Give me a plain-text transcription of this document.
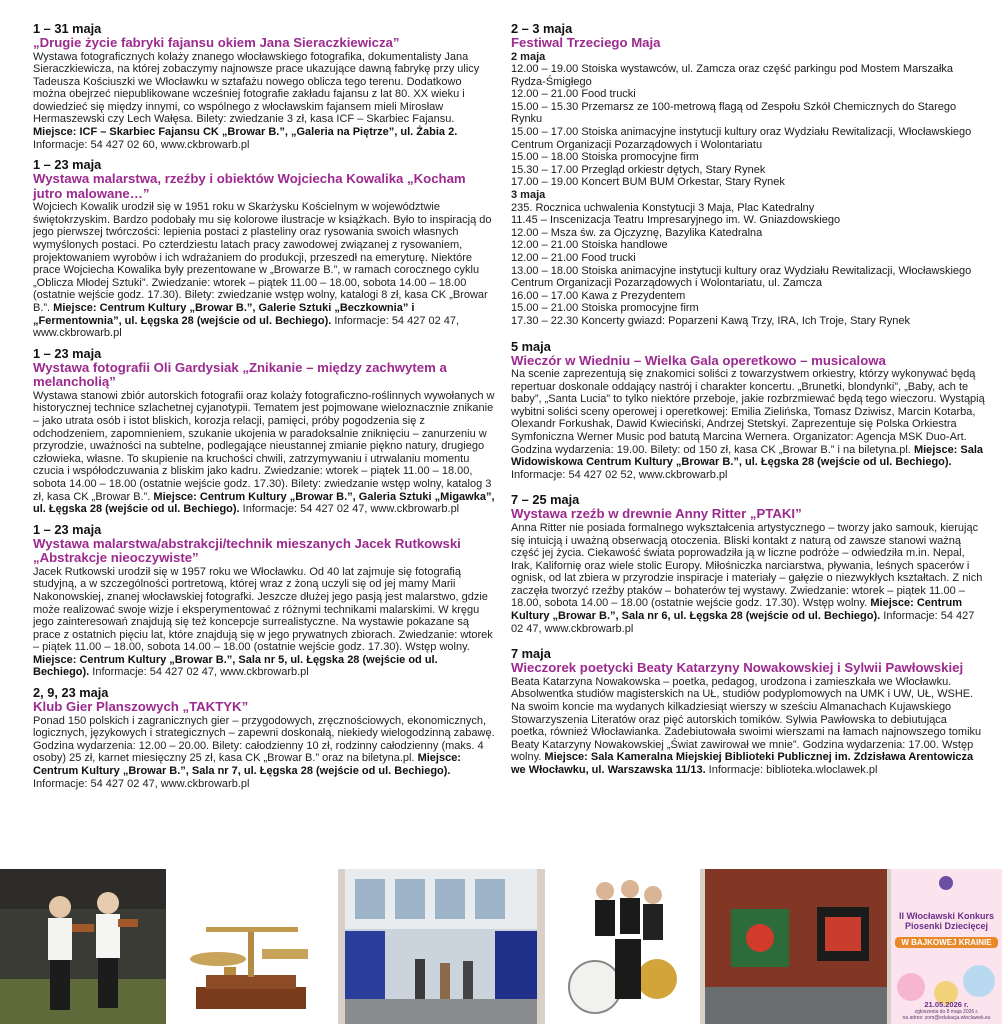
1 – 31 maja
„Drugie życie fabryki fajansu okiem Jana Sieraczkiewicza”
Wystawa fotograficznych kolaży znanego włocławskiego fotografika, dokumentalisty Jana Sieraczkiewicza, na której zobaczymy najnowsze prace ukazujące dawną fabrykę przy ulicy Tadeusza Kościuszki we Włocławku w sztafażu nowego oblicza tego terenu. Dodatkowo można obejrzeć niepublikowane wcześniej fotografie zakładu fajansu z lat 80. XX wieku i dowiedzieć się między innymi, co wspólnego z włocławskim fajansem mieli Mirosław Hermaszewski czy Lech Wałęsa. Bilety: zwiedzanie 3 zł, kasa ICF – Skarbiec Fajansu. Miejsce: ICF – Skarbiec Fajansu CK „Browar B.”, „Galeria na Piętrze”, ul. Żabia 2. Informacje: 54 427 02 60, www.ckbrowarb.pl
1 – 23 maja
Wystawa malarstwa, rzeźby i obiektów Wojciecha Kowalika „Kocham jutro malowane…”
Wojciech Kowalik urodził się w 1951 roku w Skarżysku Kościelnym w województwie świętokrzyskim. Bardzo podobały mu się kolorowe ilustracje w książkach. Było to inspiracją do jego pierwszej twórczości: lepienia postaci z plasteliny oraz rysowania swoich własnych wymyślonych postaci. Po czterdziestu latach pracy zawodowej związanej z rysowaniem, projektowaniem wyrobów i ich wdrażaniem do produkcji, przeszedł na emeryturę. Niektóre prace Wojciecha Kowalika były prezentowane w „Browarze B.”, w ramach corocznego cyklu „Oblicza Młodej Sztuki”. Zwiedzanie: wtorek – piątek 11.00 – 18.00, sobota 14.00 – 18.00 (ostatnie wejście godz. 17.30). Bilety: zwiedzanie wstęp wolny, katalogi 8 zł, kasa CK „Browar B.”. Miejsce: Centrum Kultury „Browar B.”, Galerie Sztuki „Beczkownia” i „Fermentownia”, ul. Łęgska 28 (wejście od ul. Bechiego). Informacje: 54 427 02 47, www.ckbrowarb.pl
1 – 23 maja
Wystawa fotografii Oli Gardysiak „Znikanie – między zachwytem a melancholią”
Wystawa stanowi zbiór autorskich fotografii oraz kolaży fotograficzno-roślinnych wywołanych w historycznej technice szlachetnej cyjanotypii. Tematem jest pojmowane wieloznacznie znikanie – jako utrata osób i istot bliskich, korozja relacji, pamięci, próby pogodzenia się z odchodzeniem, zapomnieniem, szukanie ukojenia w paradoksalnie zniknięciu – zanurzeniu w przyrodzie, uważności na subtelne, podlegające nieustannej zmianie piękno natury, drugiego człowieka, własne. To skupienie na kruchości chwili, zatrzymywaniu i utrwalaniu momentu czucia i współodczuwania z bliskim jako kadru. Zwiedzanie: wtorek – piątek 11.00 – 18.00, sobota 14.00 – 18.00 (ostatnie wejście godz. 17.30). Bilety: zwiedzanie wstęp wolny, katalog 3 zł, kasa CK „Browar B.”. Miejsce: Centrum Kultury „Browar B.”, Galeria Sztuki „Migawka”, ul. Łęgska 28 (wejście od ul. Bechiego). Informacje: 54 427 02 47, www.ckbrowarb.pl
1 – 23 maja
Wystawa malarstwa/abstrakcji/technik mieszanych Jacek Rutkowski „Abstrakcje nieoczywiste”
Jacek Rutkowski urodził się w 1957 roku we Włocławku. Od 40 lat zajmuje się fotografią studyjną, a w szczególności portretową, której wraz z żoną uczyli się od jej mamy Marii Nakonowskiej, znanej włocławskiej fotografki. Jeszcze dłużej jego pasją jest malarstwo, gdzie może realizować swoje wizje i eksperymentować z różnymi technikami malarskimi. W kręgu jego zainteresowań znajdują się też koncepcje surrealistyczne. Na wystawie pokazane są prace z ostatnich pięciu lat, które znajdują się w jego prywatnych zbiorach. Zwiedzanie: wtorek – piątek 11.00 – 18.00, sobota 14.00 – 18.00 (ostatnie wejście godz. 17.30). Wstęp wolny. Miejsce: Centrum Kultury „Browar B.”, Sala nr 5, ul. Łęgska 28 (wejście od ul. Bechiego). Informacje: 54 427 02 47, www.ckbrowarb.pl
2, 9, 23 maja
Klub Gier Planszowych „TAKTYK”
Ponad 150 polskich i zagranicznych gier – przygodowych, zręcznościowych, ekonomicznych, logicznych, językowych i strategicznych – zapewni doskonałą, niekiedy wielogodzinną zabawę. Godzina wydarzenia: 12.00 – 20.00. Bilety: całodzienny 10 zł, rodzinny całodzienny (maks. 4 osoby) 25 zł, karnet miesięczny 25 zł, kasa CK „Browar B.” oraz na biletyna.pl. Miejsce: Centrum Kultury „Browar B.”, Sala nr 7, ul. Łęgska 28 (wejście od ul. Bechiego). Informacje: 54 427 02 47, www.ckbrowarb.pl
2 – 3 maja
Festiwal Trzeciego Maja
2 maja
12.00 – 19.00 Stoiska wystawców, ul. Zamcza oraz część parkingu pod Mostem Marszałka Rydza-Śmigłego
12.00 – 21.00 Food trucki
15.00 – 15.30 Przemarsz ze 100-metrową flagą od Zespołu Szkół Chemicznych do Starego Rynku
15.00 – 17.00 Stoiska animacyjne instytucji kultury oraz Wydziału Rewitalizacji, Włocławskiego Centrum Organizacji Pozarządowych i Wolontariatu
15.00 – 18.00 Stoiska promocyjne firm
15.30 – 17.00 Przegląd orkiestr dętych, Stary Rynek
17.00 – 19.00 Koncert BUM BUM Orkestar, Stary Rynek
3 maja
235. Rocznica uchwalenia Konstytucji 3 Maja, Plac Katedralny
11.45 – Inscenizacja Teatru Impresaryjnego im. W. Gniazdowskiego
12.00 – Msza św. za Ojczyznę, Bazylika Katedralna
12.00 – 21.00 Stoiska handlowe
12.00 – 21.00 Food trucki
13.00 – 18.00 Stoiska animacyjne instytucji kultury oraz Wydziału Rewitalizacji, Włocławskiego Centrum Organizacji Pozarządowych i Wolontariatu, ul. Zamcza
16.00 – 17.00 Kawa z Prezydentem
15.00 – 21.00 Stoiska promocyjne firm
17.30 – 22.30 Koncerty gwiazd: Poparzeni Kawą Trzy, IRA, Ich Troje, Stary Rynek
5 maja
Wieczór w Wiedniu – Wielka Gala operetkowo – musicalowa
Na scenie zaprezentują się znakomici soliści z towarzystwem orkiestry, którzy wykonywać będą repertuar doskonale oddający nastrój i charakter koncertu. „Brunetki, blondynki”, „Baby, ach te baby”, „Santa Lucia” to tylko niektóre przeboje, jakie rozbrzmiewać będą tego wieczoru. Wystąpią wybitni soliści sceny operowej i operetkowej: Emilia Zielińska, Tomasz Dziwisz, Marcin Kotarba, Olexandr Forkushak, Dawid Kwieciński, Andrzej Stetskyi. Zaprezentuje się Polska Orkiestra Symfoniczna Werner Music pod batutą Marcina Wernera. Organizator: Agencja MSK Duo-Art. Godzina wydarzenia: 19.00. Bilety: od 150 zł, kasa CK „Browar B.” i na biletyna.pl. Miejsce: Sala Widowiskowa Centrum Kultury „Browar B.”, ul. Łęgska 28 (wejście od ul. Bechiego). Informacje: 54 427 02 52, www.ckbrowarb.pl
7 – 25 maja
Wystawa rzeźb w drewnie Anny Ritter „PTAKI”
Anna Ritter nie posiada formalnego wykształcenia artystycznego – tworzy jako samouk, kierując się intuicją i uważną obserwacją otoczenia. Bliski kontakt z naturą od zawsze stanowi ważną część jej życia. Ciekawość świata poprowadziła ją w liczne podróże – odwiedziła m.in. Nepal, Irak, Kalifornię oraz wiele stolic Europy. Miłośniczka narciarstwa, pływania, leśnych spacerów i ognisk, od lat zbiera w przyrodzie inspiracje i materiały – gałęzie o niezwykłych kształtach. Z nich zaczęła tworzyć rzeźby ptaków – bohaterów tej wystawy. Zwiedzanie: wtorek – piątek 11.00 – 18.00, sobota 14.00 – 18.00 (ostatnie wejście godz. 17.30). Wstęp wolny. Miejsce: Centrum Kultury „Browar B.”, Sala nr 6, ul. Łęgska 28 (wejście od ul. Bechiego). Informacje: 54 427 02 47, www.ckbrowarb.pl
7 maja
Wieczorek poetycki Beaty Katarzyny Nowakowskiej i Sylwii Pawłowskiej
Beata Katarzyna Nowakowska – poetka, pedagog, urodzona i zamieszkała we Włocławku. Absolwentka studiów magisterskich na UŁ, studiów podyplomowych na UMK i UW, UŁ, WSHE. Na swoim koncie ma wydanych kilkadziesiąt wierszy w sześciu Almanachach Kujawskiego Stowarzyszenia Literatów oraz pięć autorskich tomików. Sylwia Pawłowska to debiutująca poetka, również Włocławianka. Zadebiutowała swoimi wierszami na łamach najnowszego tomiku Beaty Katarzyny Nowakowskiej „Świat zawirował we mnie”. Godzina wydarzenia: 17.00. Wstęp wolny. Miejsce: Sala Kameralna Miejskiej Biblioteki Publicznej im. Zdzisława Arentowicza we Włocławku, ul. Warszawska 11/13. Informacje: biblioteka.wloclawek.pl
II Włocławski Konkurs
Piosenki Dziecięcej
W BAJKOWEJ KRAINIE
21.05.2026 r.
zgłoszenia do 8 maja 2026 r.
na adres: zom@edukacja.wloclawek.eu
